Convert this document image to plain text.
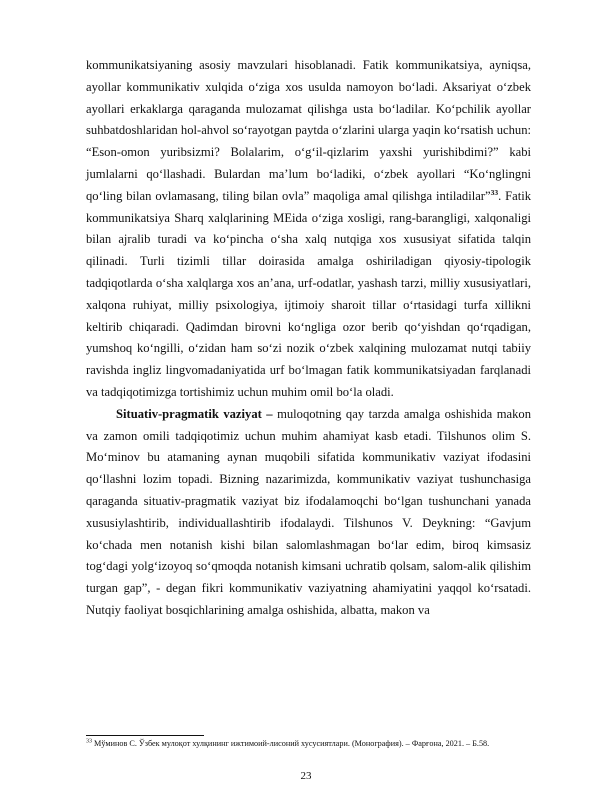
kommunikatsiyaning asosiy mavzulari hisoblanadi. Fatik kommunikatsiya, ayniqsa, ayollar kommunikativ xulqida o‘ziga xos usulda namoyon bo‘ladi. Aksariyat o‘zbek ayollari erkaklarga qaraganda mulozamat qilishga usta bo‘ladilar. Ko‘pchilik ayollar suhbatdoshlaridan hol-ahvol so‘rayotgan paytda o‘zlarini ularga yaqin ko‘rsatish uchun: “Eson-omon yuribsizmi? Bolalarim, o‘g‘il-qizlarim yaxshi yurishibdimi?” kabi jumlalarni qo‘llashadi. Bulardan ma’lum bo‘ladiki, o‘zbek ayollari “Ko‘nglingni qo‘ling bilan ovlamasang, tiling bilan ovla” maqoliga amal qilishga intiladilar”$^{33}$. Fatik kommunikatsiya Sharq xalqlarining MEida o‘ziga xosligi, rang-barangligi, xalqonaligi bilan ajralib turadi va ko‘pincha o‘sha xalq nutqiga xos xususiyat sifatida talqin qilinadi. Turli tizimli tillar doirasida amalga oshiriladigan qiyosiy-tipologik tadqiqotlarda o‘sha xalqlarga xos an’ana, urf-odatlar, yashash tarzi, milliy xususiyatlari, xalqona ruhiyat, milliy psixologiya, ijtimoiy sharoit tillar o‘rtasidagi turfa xillikni keltirib chiqaradi. Qadimdan birovni ko‘ngliga ozor berib qo‘yishdan qo‘rqadigan, yumshoq ko‘ngilli, o‘zidan ham so‘zi nozik o‘zbek xalqining mulozamat nutqi tabiiy ravishda ingliz lingvomadaniyatida urf bo‘lmagan fatik kommunikatsiyadan farqlanadi va tadqiqotimizga tortishimiz uchun muhim omil bo‘la oladi.

Situativ-pragmatik vaziyat – muloqotning qay tarzda amalga oshishida makon va zamon omili tadqiqotimiz uchun muhim ahamiyat kasb etadi. Tilshunos olim S. Mo‘minov bu atamaning aynan muqobili sifatida kommunikativ vaziyat ifodasini qo‘llashni lozim topadi. Bizning nazarimizda, kommunikativ vaziyat tushunchasiga qaraganda situativ-pragmatik vaziyat biz ifodalamoqchi bo‘lgan tushunchani yanada xususiylashtirib, individuallashtirib ifodalaydi. Tilshunos V. Deykning: “Gavjum ko‘chada men notanish kishi bilan salomlashmagan bo‘lar edim, biroq kimsasiz tog‘dagi yolg‘izoyoq so‘qmoqda notanish kimsani uchratib qolsam, salom-alik qilishim turgan gap”, - degan fikri kommunikativ vaziyatning ahamiyatini yaqqol ko‘rsatadi. Nutqiy faoliyat bosqichlarining amalga oshishida, albatta, makon va

$^{33}$ Мўминов С. Ўзбек мулоқот хулқининг ижтимоий-лисоний хусусиятлари. (Монография). – Фарғона, 2021. – Б.58.

23
